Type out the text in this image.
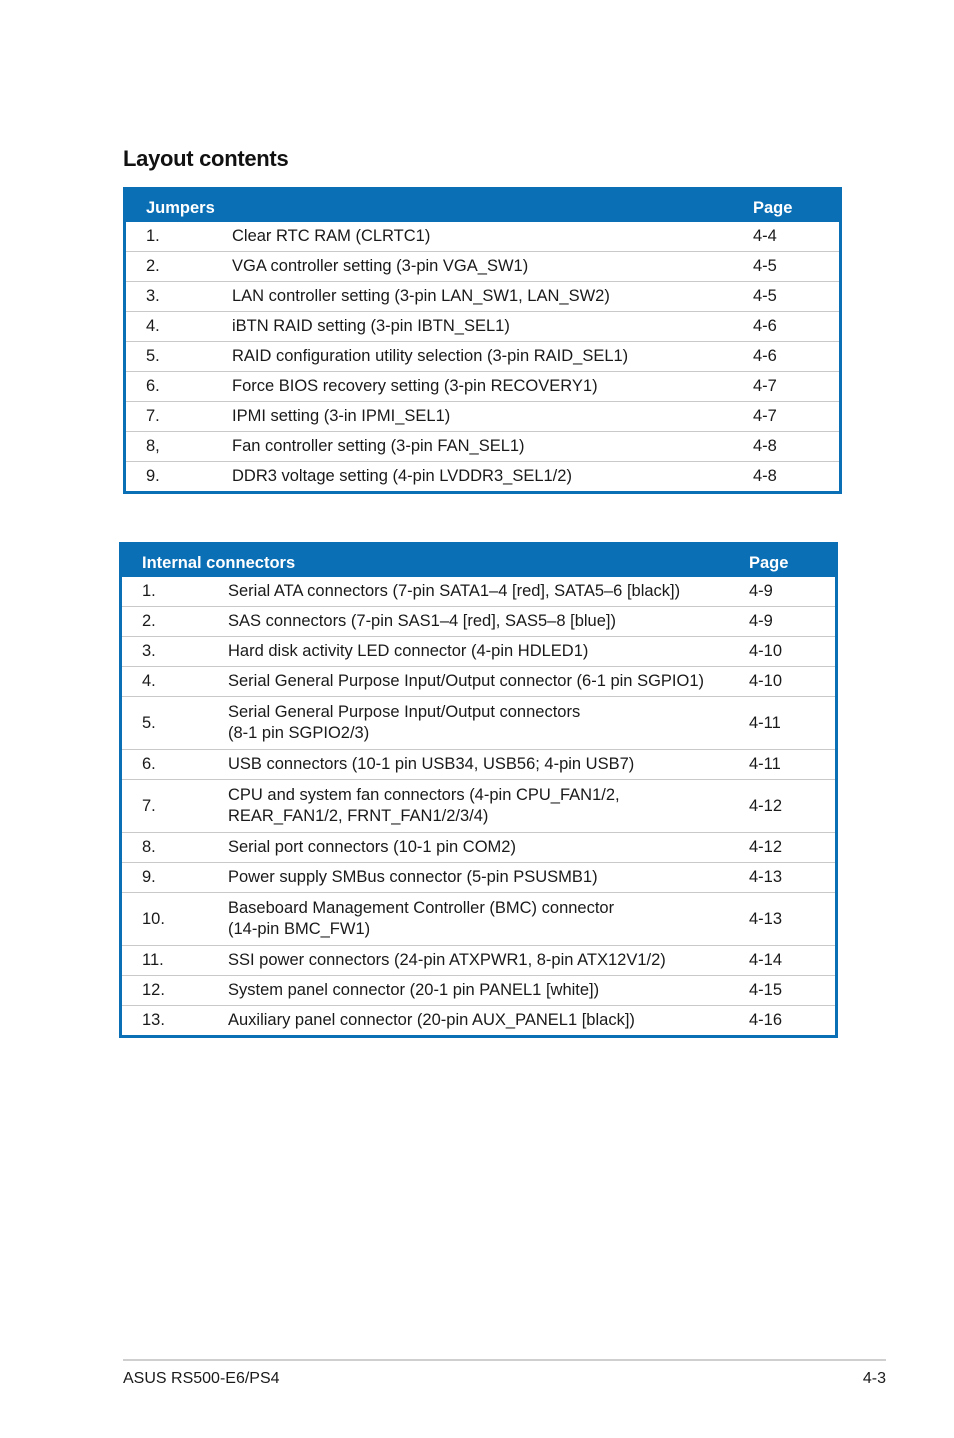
Layout contents
Jumpers		Page
1.	Clear RTC RAM (CLRTC1)	4-4
2.	VGA controller setting (3-pin VGA_SW1)	4-5
3.	LAN controller setting (3-pin LAN_SW1, LAN_SW2)	4-5
4.	iBTN RAID setting (3-pin IBTN_SEL1)	4-6
5.	RAID configuration utility selection (3-pin RAID_SEL1)	4-6
6.	Force BIOS recovery setting (3-pin RECOVERY1)	4-7
7.	IPMI setting (3-in IPMI_SEL1)	4-7
8,	Fan controller setting (3-pin FAN_SEL1)	4-8
9.	DDR3 voltage setting (4-pin LVDDR3_SEL1/2)	4-8
Internal connectors		Page
1.	Serial ATA connectors (7-pin SATA1–4 [red], SATA5–6 [black])	4-9
2.	SAS connectors (7-pin SAS1–4 [red], SAS5–8 [blue])	4-9
3.	Hard disk activity LED connector (4-pin HDLED1)	4-10
4.	Serial General Purpose Input/Output connector (6-1 pin SGPIO1)	4-10
5.	Serial General Purpose Input/Output connectors
(8-1 pin SGPIO2/3)	4-11
6.	USB connectors (10-1 pin USB34, USB56; 4-pin USB7)	4-11
7.	CPU and system fan connectors (4-pin CPU_FAN1/2,
REAR_FAN1/2, FRNT_FAN1/2/3/4)	4-12
8.	Serial port connectors (10-1 pin COM2)	4-12
9.	Power supply SMBus connector (5-pin PSUSMB1)	4-13
10.	Baseboard Management Controller (BMC) connector
(14-pin BMC_FW1)	4-13
11.	SSI power connectors (24-pin ATXPWR1, 8-pin ATX12V1/2)	4-14
12.	System panel connector (20-1 pin PANEL1 [white])	4-15
13.	Auxiliary panel connector (20-pin AUX_PANEL1 [black])	4-16
ASUS RS500-E6/PS4	4-3
